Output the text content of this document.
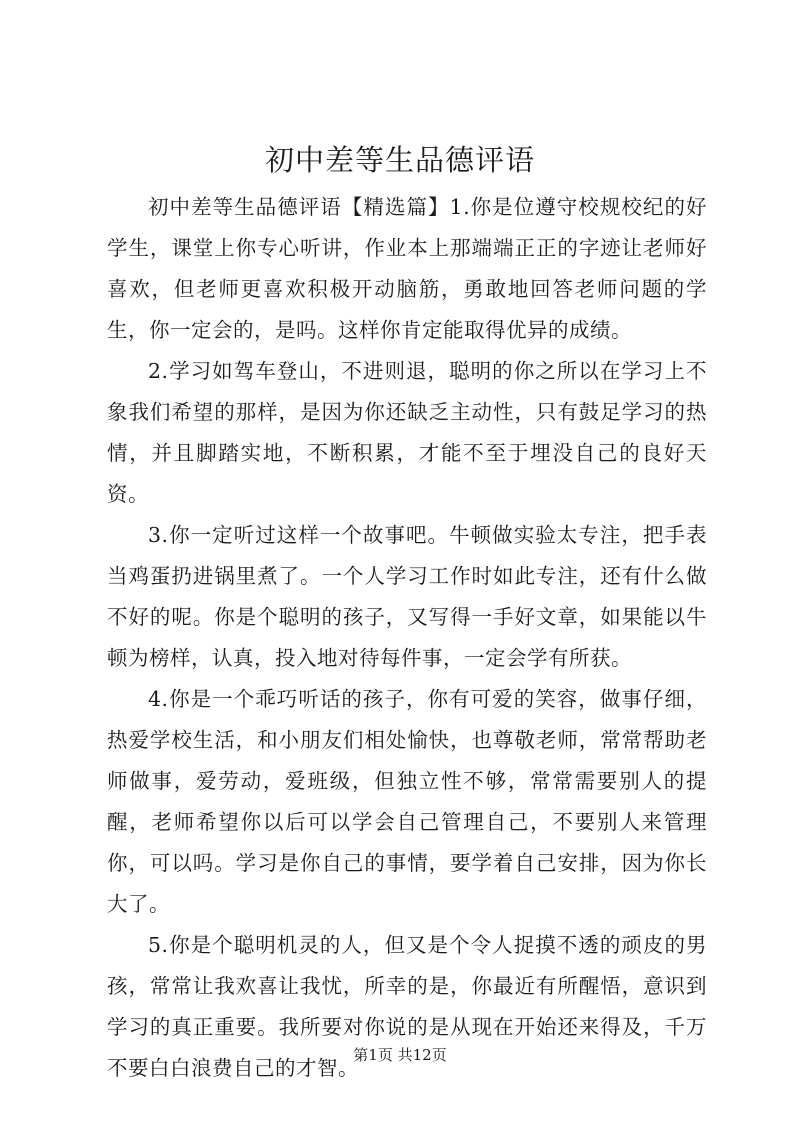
初中差等生品德评语

初中差等生品德评语【精选篇】1.你是位遵守校规校纪的好学生，课堂上你专心听讲，作业本上那端端正正的字迹让老师好喜欢，但老师更喜欢积极开动脑筋，勇敢地回答老师问题的学生，你一定会的，是吗。这样你肯定能取得优异的成绩。

2.学习如驾车登山，不进则退，聪明的你之所以在学习上不象我们希望的那样，是因为你还缺乏主动性，只有鼓足学习的热情，并且脚踏实地，不断积累，才能不至于埋没自己的良好天资。

3.你一定听过这样一个故事吧。牛顿做实验太专注，把手表当鸡蛋扔进锅里煮了。一个人学习工作时如此专注，还有什么做不好的呢。你是个聪明的孩子，又写得一手好文章，如果能以牛顿为榜样，认真，投入地对待每件事，一定会学有所获。

4.你是一个乖巧听话的孩子，你有可爱的笑容，做事仔细，热爱学校生活，和小朋友们相处愉快，也尊敬老师，常常帮助老师做事，爱劳动，爱班级，但独立性不够，常常需要别人的提醒，老师希望你以后可以学会自己管理自己，不要别人来管理你，可以吗。学习是你自己的事情，要学着自己安排，因为你长大了。

5.你是个聪明机灵的人，但又是个令人捉摸不透的顽皮的男孩，常常让我欢喜让我忧，所幸的是，你最近有所醒悟，意识到学习的真正重要。我所要对你说的是从现在开始还来得及，千万不要白白浪费自己的才智。

第1页 共12页
